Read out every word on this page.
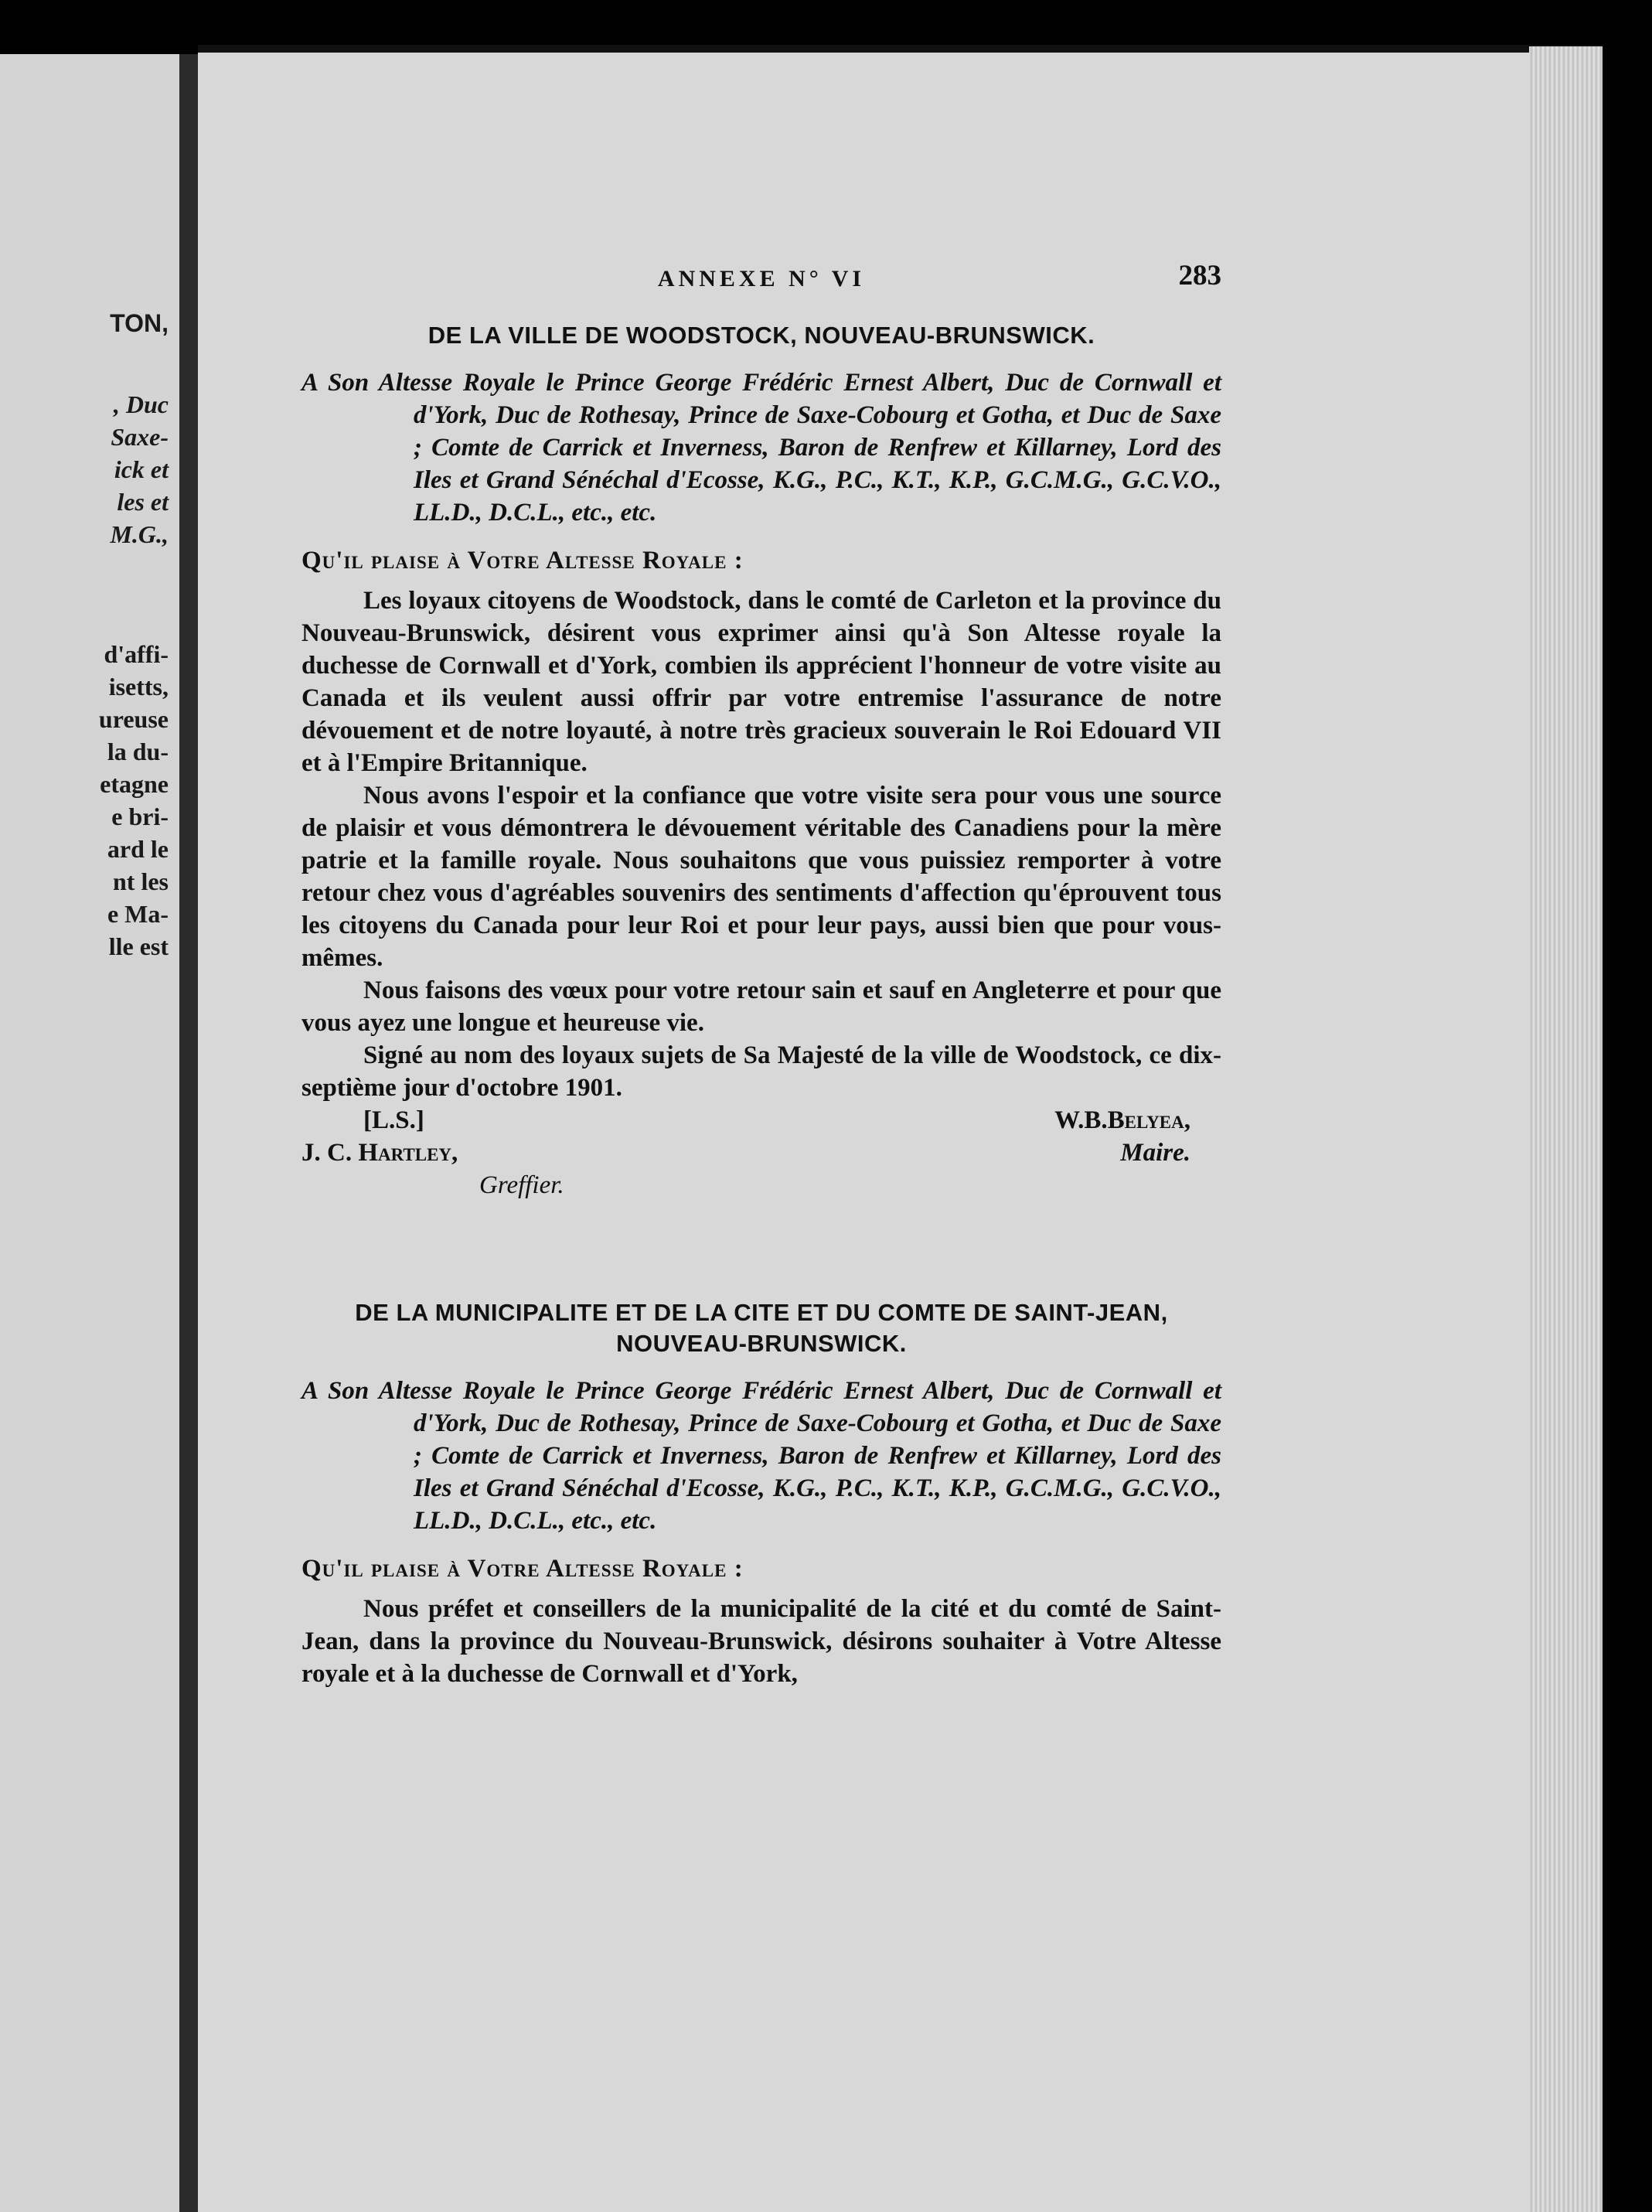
TON,
, Duc
Saxe-
ick et
les et
M.G.,
d'affi-
isetts,
ureuse
la du-
etagne
e bri-
ard le
nt les
e Ma-
lle est
ANNEXE N° VI	283
DE LA VILLE DE WOODSTOCK, NOUVEAU-BRUNSWICK.

A Son Altesse Royale le Prince George Frédéric Ernest Albert, Duc de Cornwall et d'York, Duc de Rothesay, Prince de Saxe-Cobourg et Gotha, et Duc de Saxe ; Comte de Carrick et Inverness, Baron de Renfrew et Killarney, Lord des Iles et Grand Sénéchal d'Ecosse, K.G., P.C., K.T., K.P., G.C.M.G., G.C.V.O., LL.D., D.C.L., etc., etc.

Qu'il plaise à Votre Altesse Royale :

Les loyaux citoyens de Woodstock, dans le comté de Carleton et la province du Nouveau-Brunswick, désirent vous exprimer ainsi qu'à Son Altesse royale la duchesse de Cornwall et d'York, combien ils apprécient l'honneur de votre visite au Canada et ils veulent aussi offrir par votre entremise l'assurance de notre dévouement et de notre loyauté, à notre très gracieux souverain le Roi Edouard VII et à l'Empire Britannique.

Nous avons l'espoir et la confiance que votre visite sera pour vous une source de plaisir et vous démontrera le dévouement véritable des Canadiens pour la mère patrie et la famille royale. Nous souhaitons que vous puissiez remporter à votre retour chez vous d'agréables souvenirs des sentiments d'affection qu'éprouvent tous les citoyens du Canada pour leur Roi et pour leur pays, aussi bien que pour vous-mêmes.

Nous faisons des vœux pour votre retour sain et sauf en Angleterre et pour que vous ayez une longue et heureuse vie.

Signé au nom des loyaux sujets de Sa Majesté de la ville de Woodstock, ce dix-septième jour d'octobre 1901.

[L.S.]	W.B.Belyea,
J. C. Hartley,	Maire.
Greffier.
DE LA MUNICIPALITE ET DE LA CITE ET DU COMTE DE SAINT-JEAN,
NOUVEAU-BRUNSWICK.

A Son Altesse Royale le Prince George Frédéric Ernest Albert, Duc de Cornwall et d'York, Duc de Rothesay, Prince de Saxe-Cobourg et Gotha, et Duc de Saxe ; Comte de Carrick et Inverness, Baron de Renfrew et Killarney, Lord des Iles et Grand Sénéchal d'Ecosse, K.G., P.C., K.T., K.P., G.C.M.G., G.C.V.O., LL.D., D.C.L., etc., etc.

Qu'il plaise à Votre Altesse Royale :

Nous préfet et conseillers de la municipalité de la cité et du comté de Saint-Jean, dans la province du Nouveau-Brunswick, désirons souhaiter à Votre Altesse royale et à la duchesse de Cornwall et d'York,
